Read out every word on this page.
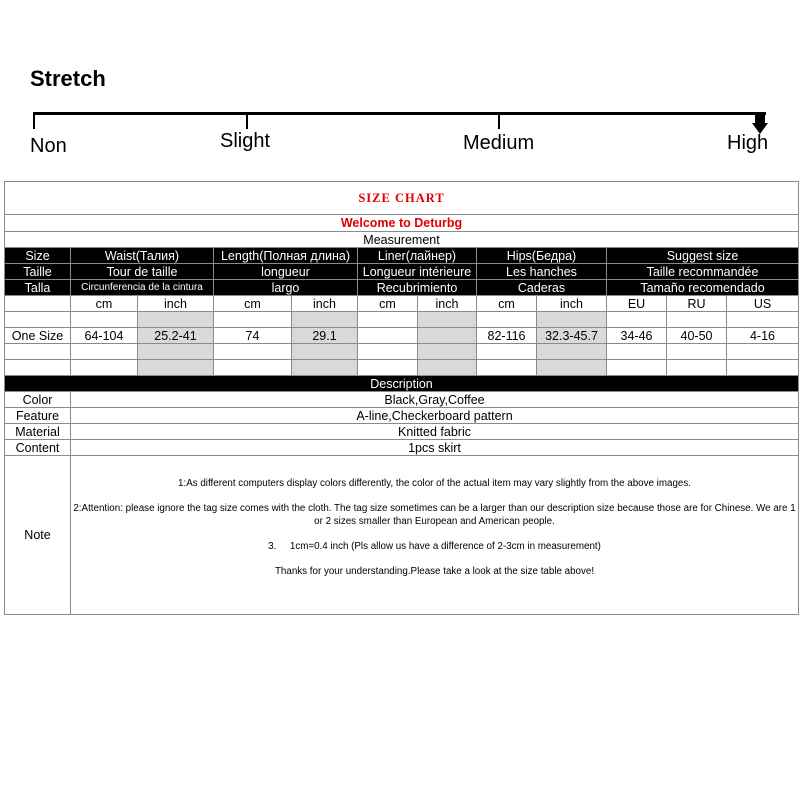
Stretch
Non	Slight	Medium	High
SIZE CHART											
Welcome to Deturbg											
Measurement											
Size	Waist(Талия)		Length(Полная длина)		Liner(лайнер)		Hips(Бедра)		Suggest size		
Taille	Tour de taille		longueur		Longueur intérieure		Les hanches		Taille recommandée		
Talla	Circunferencia de la cintura		largo		Recubrimiento		Caderas		Tamaño recomendado		
	cm	inch	cm	inch	cm	inch	cm	inch	EU	RU	US

One Size	64-104	25.2-41	74	29.1			82-116	32.3-45.7	34-46	40-50	4-16

Description											
Color	Black,Gray,Coffee										
Feature	A-line,Checkerboard pattern										
Material	Knitted fabric										
Content	1pcs skirt										
Note	1:As different computers display colors differently, the color of the actual item may vary slightly from the above images.

2:Attention: please ignore the tag size comes with the cloth. The tag size sometimes can be a larger than our description size because those are for Chinese. We are 1 or 2 sizes smaller than European and American people.

3.     1cm=0.4 inch (Pls allow us have a difference of 2-3cm in measurement)

Thanks for your understanding.Please take a look at the size table above!										
